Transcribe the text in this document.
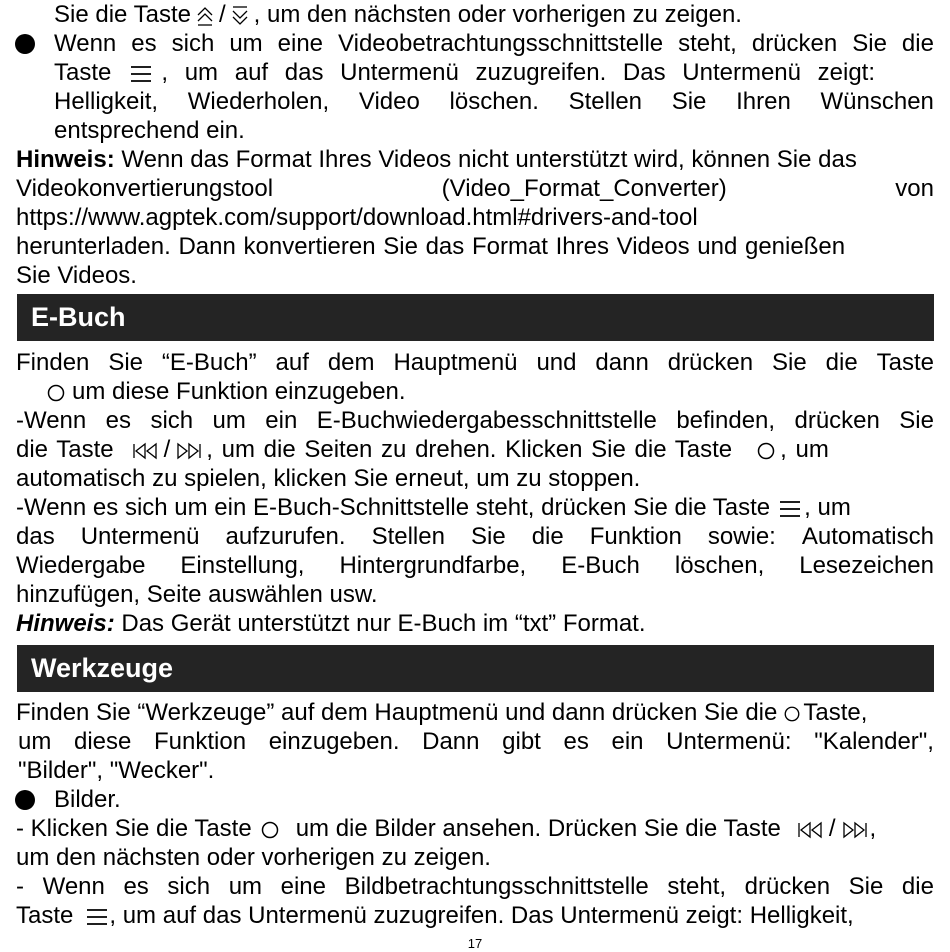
Sie die Taste / , um den nächsten oder vorherigen zu zeigen.
Wenn es sich um eine Videobetrachtungsschnittstelle steht, drücken Sie die
Taste , um auf das Untermenü zuzugreifen. Das Untermenü zeigt:
Helligkeit, Wiederholen, Video löschen. Stellen Sie Ihren Wünschen
entsprechend ein.
Hinweis: Wenn das Format Ihres Videos nicht unterstützt wird, können Sie das
Videokonvertierungstool	(Video_Format_Converter)	von
https://www.agptek.com/support/download.html#drivers-and-tool
herunterladen. Dann konvertieren Sie das Format Ihres Videos und genießen
Sie Videos.
E-Buch
Finden Sie “E-Buch” auf dem Hauptmenü und dann drücken Sie die Taste
um diese Funktion einzugeben.
-Wenn es sich um ein E-Buchwiedergabesschnittstelle befinden, drücken Sie
die Taste / , um die Seiten zu drehen. Klicken Sie die Taste , um
automatisch zu spielen, klicken Sie erneut, um zu stoppen.
-Wenn es sich um ein E-Buch-Schnittstelle steht, drücken Sie die Taste , um
das Untermenü aufzurufen. Stellen Sie die Funktion sowie: Automatisch
Wiedergabe Einstellung, Hintergrundfarbe, E-Buch löschen, Lesezeichen
hinzufügen, Seite auswählen usw.
Hinweis: Das Gerät unterstützt nur E-Buch im “txt” Format.
Werkzeuge
Finden Sie “Werkzeuge” auf dem Hauptmenü und dann drücken Sie die Taste,
um diese Funktion einzugeben. Dann gibt es ein Untermenü: "Kalender",
"Bilder", "Wecker".
Bilder.
- Klicken Sie die Taste um die Bilder ansehen. Drücken Sie die Taste / ,
um den nächsten oder vorherigen zu zeigen.
- Wenn es sich um eine Bildbetrachtungsschnittstelle steht, drücken Sie die
Taste , um auf das Untermenü zuzugreifen. Das Untermenü zeigt: Helligkeit,
17
